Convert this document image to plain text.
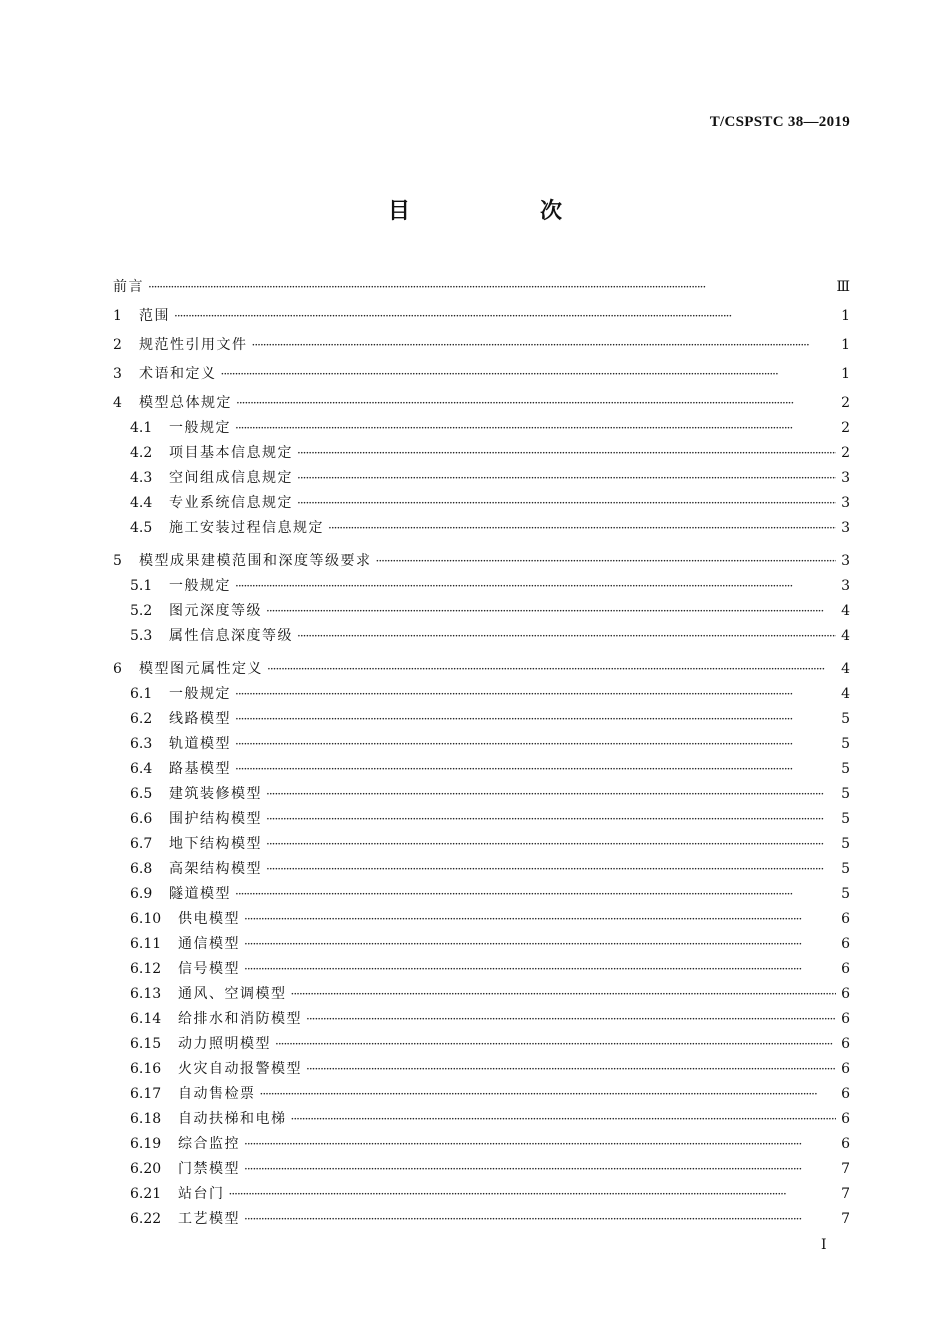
T/CSPSTC 38—2019
目　次
前言 ·····	Ⅲ
1	范围 ·····	1
2	规范性引用文件 ·····	1
3	术语和定义 ·····	1
4	模型总体规定 ·····	2
4.1	一般规定 ·····	2
4.2	项目基本信息规定 ·····	2
4.3	空间组成信息规定 ·····	3
4.4	专业系统信息规定 ·····	3
4.5	施工安装过程信息规定 ·····	3
5	模型成果建模范围和深度等级要求 ·····	3
5.1	一般规定 ·····	3
5.2	图元深度等级 ·····	4
5.3	属性信息深度等级 ·····	4
6	模型图元属性定义 ·····	4
6.1	一般规定 ·····	4
6.2	线路模型 ·····	5
6.3	轨道模型 ·····	5
6.4	路基模型 ·····	5
6.5	建筑装修模型 ·····	5
6.6	围护结构模型 ·····	5
6.7	地下结构模型 ·····	5
6.8	高架结构模型 ·····	5
6.9	隧道模型 ·····	5
6.10	供电模型 ·····	6
6.11	通信模型 ·····	6
6.12	信号模型 ·····	6
6.13	通风、空调模型 ·····	6
6.14	给排水和消防模型 ·····	6
6.15	动力照明模型 ·····	6
6.16	火灾自动报警模型 ·····	6
6.17	自动售检票 ·····	6
6.18	自动扶梯和电梯 ·····	6
6.19	综合监控 ·····	6
6.20	门禁模型 ·····	7
6.21	站台门 ·····	7
6.22	工艺模型 ·····	7
I
